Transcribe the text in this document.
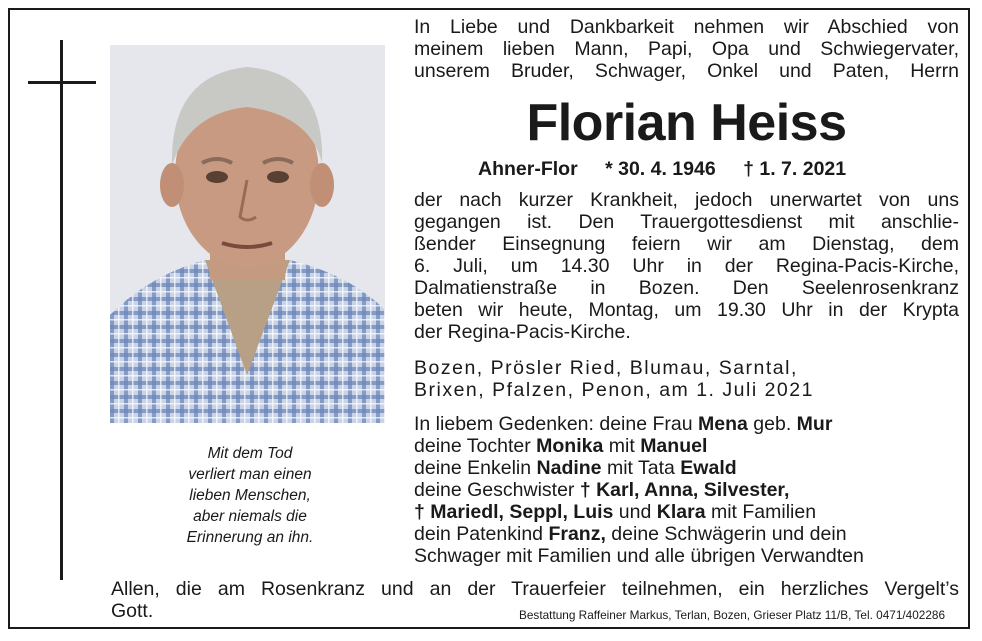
Mit dem Tod
verliert man einen
lieben Menschen,
aber niemals die
Erinnerung an ihn.
In Liebe und Dankbarkeit nehmen wir Abschied von
meinem lieben Mann, Papi, Opa und Schwiegervater,
unserem Bruder, Schwager, Onkel und Paten, Herrn
Florian Heiss
Ahner-Flor * 30. 4. 1946 † 1. 7. 2021
der nach kurzer Krankheit, jedoch unerwartet von uns
gegangen ist. Den Trauergottesdienst mit anschlie-
ßender Einsegnung feiern wir am Dienstag, dem
6. Juli, um 14.30 Uhr in der Regina-Pacis-Kirche,
Dalmatienstraße in Bozen. Den Seelenrosenkranz
beten wir heute, Montag, um 19.30 Uhr in der Krypta
der Regina-Pacis-Kirche.
Bozen, Prösler Ried, Blumau, Sarntal,
Brixen, Pfalzen, Penon, am 1. Juli 2021
In liebem Gedenken: deine Frau Mena geb. Mur
deine Tochter Monika mit Manuel
deine Enkelin Nadine mit Tata Ewald
deine Geschwister † Karl, Anna, Silvester,
† Mariedl, Seppl, Luis und Klara mit Familien
dein Patenkind Franz, deine Schwägerin und dein
Schwager mit Familien und alle übrigen Verwandten
Allen, die am Rosenkranz und an der Trauerfeier teilnehmen, ein herzliches Vergelt’s
Gott.	Bestattung Raffeiner Markus, Terlan, Bozen, Grieser Platz 11/B, Tel. 0471/402286
